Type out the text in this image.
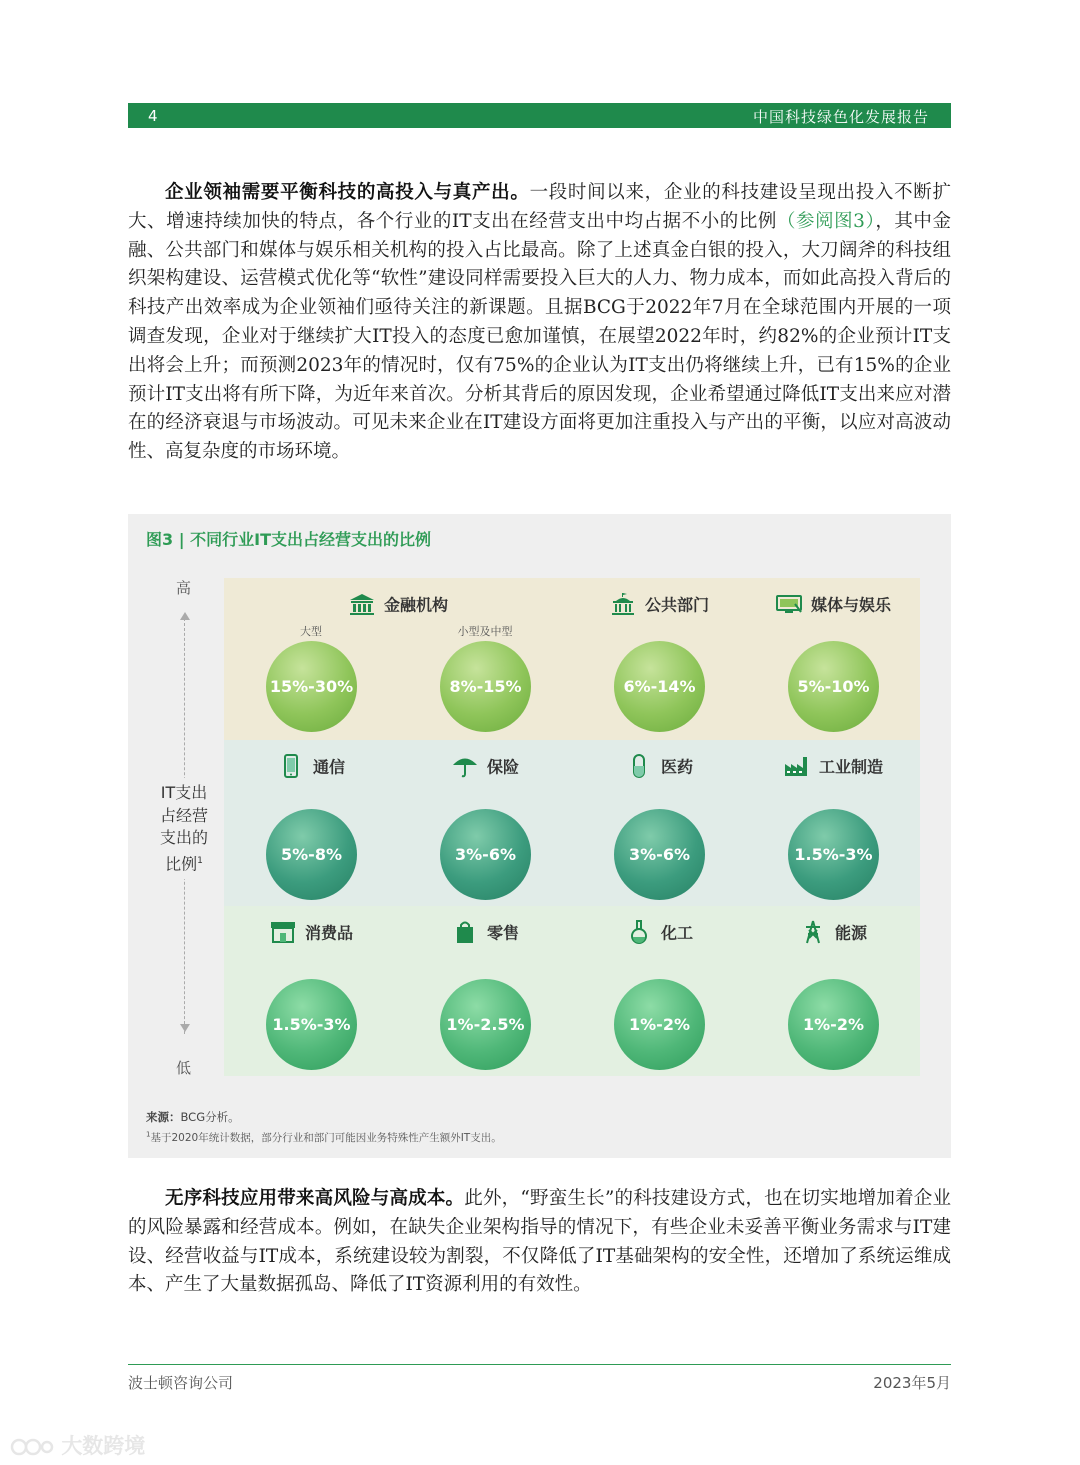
4	中国科技绿色化发展报告

企业领袖需要平衡科技的高投入与真产出。一段时间以来，企业的科技建设呈现出投入不断扩大、增速持续加快的特点，各个行业的IT支出在经营支出中均占据不小的比例（参阅图3），其中金融、公共部门和媒体与娱乐相关机构的投入占比最高。除了上述真金白银的投入，大刀阔斧的科技组织架构建设、运营模式优化等“软性”建设同样需要投入巨大的人力、物力成本，而如此高投入背后的科技产出效率成为企业领袖们亟待关注的新课题。且据BCG于2022年7月在全球范围内开展的一项调查发现，企业对于继续扩大IT投入的态度已愈加谨慎，在展望2022年时，约82%的企业预计IT支出将会上升；而预测2023年的情况时，仅有75%的企业认为IT支出仍将继续上升，已有15%的企业预计IT支出将有所下降，为近年来首次。分析其背后的原因发现，企业希望通过降低IT支出来应对潜在的经济衰退与市场波动。可见未来企业在IT建设方面将更加注重投入与产出的平衡，以应对高波动性、高复杂度的市场环境。

图3 | 不同行业IT支出占经营支出的比例
高
低
IT支出
占经营
支出的
比例$^1$
金融机构
大型
15%-30%
小型及中型
8%-15%
公共部门
6%-14%
媒体与娱乐
5%-10%
通信
5%-8%
保险
3%-6%
医药
3%-6%
工业制造
1.5%-3%
消费品
1.5%-3%
零售
1%-2.5%
化工
1%-2%
能源
1%-2%
来源：BCG分析。
$^1$基于2020年统计数据，部分行业和部门可能因业务特殊性产生额外IT支出。

无序科技应用带来高风险与高成本。此外，“野蛮生长”的科技建设方式，也在切实地增加着企业的风险暴露和经营成本。例如，在缺失企业架构指导的情况下，有些企业未妥善平衡业务需求与IT建设、经营收益与IT成本，系统建设较为割裂，不仅降低了IT基础架构的安全性，还增加了系统运维成本、产生了大量数据孤岛、降低了IT资源利用的有效性。

波士顿咨询公司	2023年5月
大数跨境
